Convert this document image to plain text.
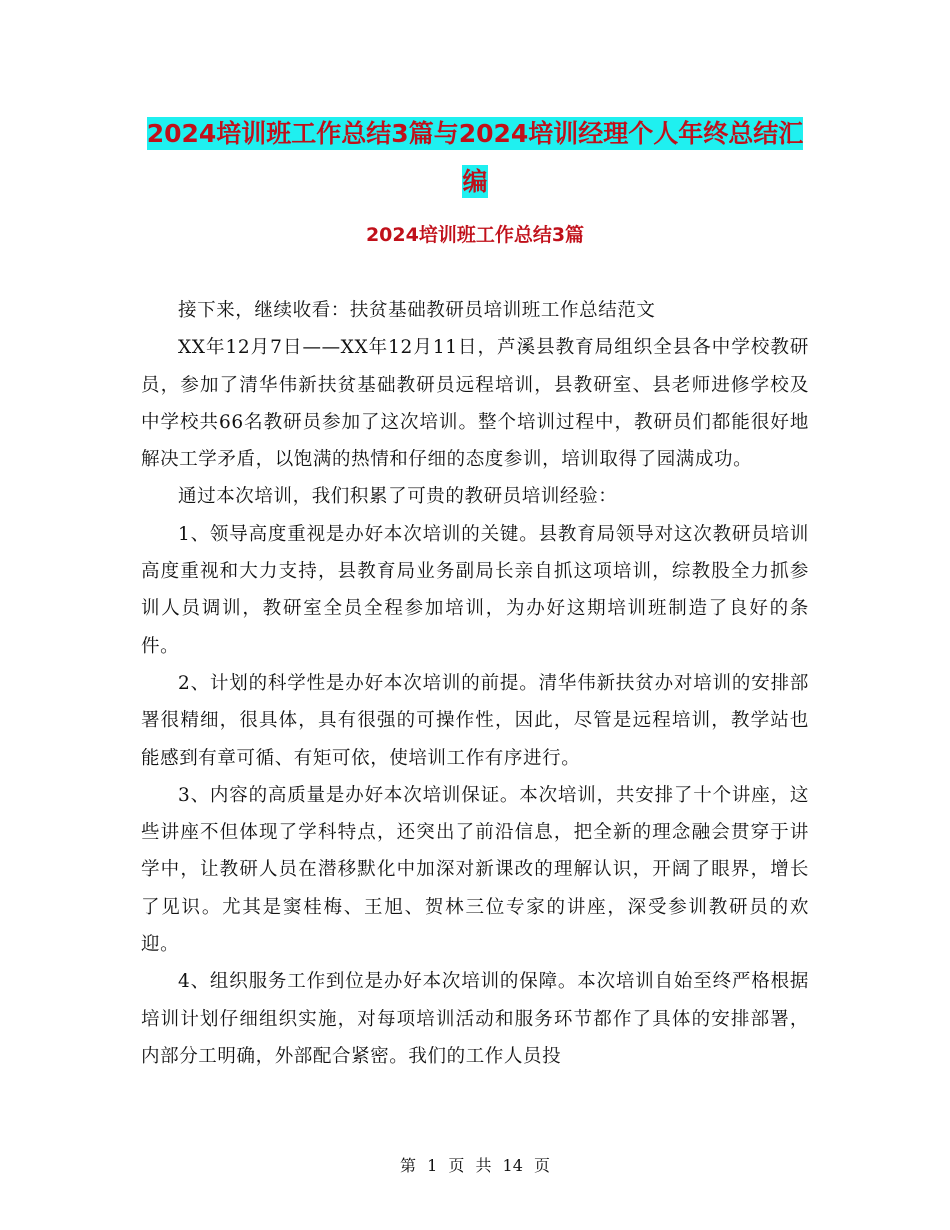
2024培训班工作总结3篇与2024培训经理个人年终总结汇编
2024培训班工作总结3篇

接下来，继续收看：扶贫基础教研员培训班工作总结范文

XX年12月7日——XX年12月11日，芦溪县教育局组织全县各中学校教研员，参加了清华伟新扶贫基础教研员远程培训，县教研室、县老师进修学校及中学校共66名教研员参加了这次培训。整个培训过程中，教研员们都能很好地解决工学矛盾，以饱满的热情和仔细的态度参训，培训取得了园满成功。

通过本次培训，我们积累了可贵的教研员培训经验：

1、领导高度重视是办好本次培训的关键。县教育局领导对这次教研员培训高度重视和大力支持，县教育局业务副局长亲自抓这项培训，综教股全力抓参训人员调训，教研室全员全程参加培训，为办好这期培训班制造了良好的条件。

2、计划的科学性是办好本次培训的前提。清华伟新扶贫办对培训的安排部署很精细，很具体，具有很强的可操作性，因此，尽管是远程培训，教学站也能感到有章可循、有矩可依，使培训工作有序进行。

3、内容的高质量是办好本次培训保证。本次培训，共安排了十个讲座，这些讲座不但体现了学科特点，还突出了前沿信息，把全新的理念融会贯穿于讲学中，让教研人员在潜移默化中加深对新课改的理解认识，开阔了眼界，增长了见识。尤其是窦桂梅、王旭、贺林三位专家的讲座，深受参训教研员的欢迎。

4、组织服务工作到位是办好本次培训的保障。本次培训自始至终严格根据培训计划仔细组织实施，对每项培训活动和服务环节都作了具体的安排部署，内部分工明确，外部配合紧密。我们的工作人员投

第 1 页 共 14 页
